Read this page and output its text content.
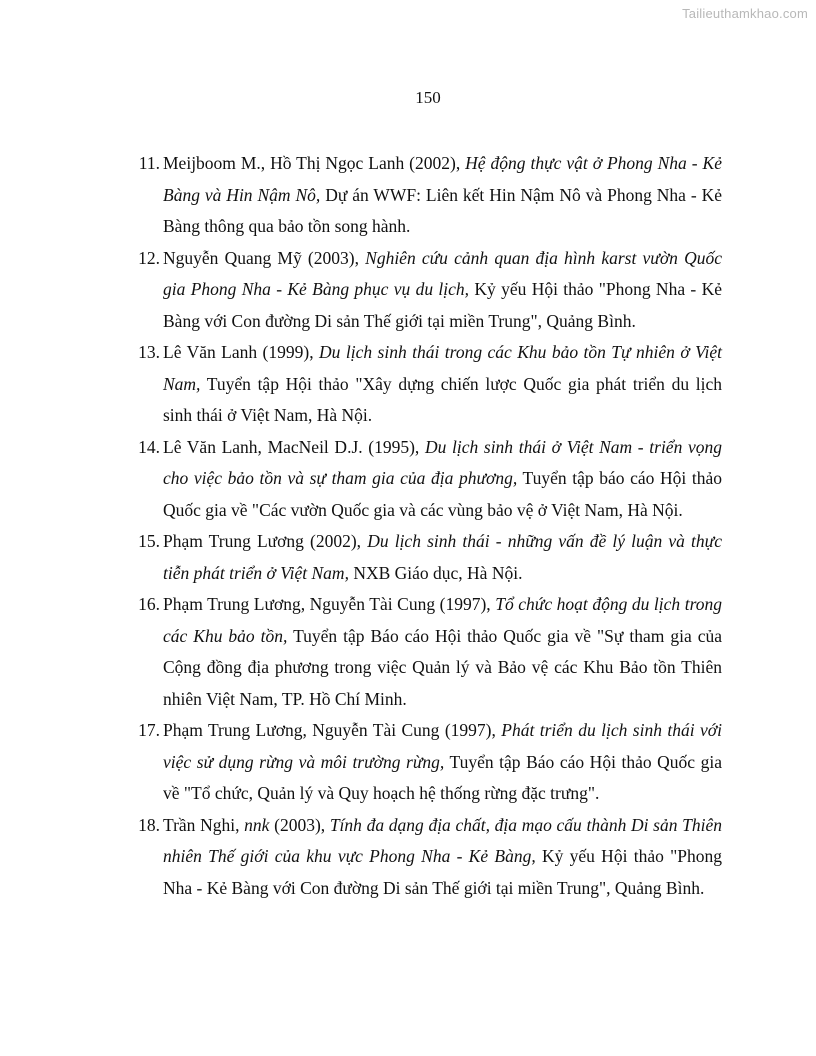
Tailieuthamkhao.com
150
11. Meijboom M., Hồ Thị Ngọc Lanh (2002), Hệ động thực vật ở Phong Nha - Kẻ Bàng và Hin Nậm Nô, Dự án WWF: Liên kết Hin Nậm Nô và Phong Nha - Kẻ Bàng thông qua bảo tồn song hành.
12. Nguyễn Quang Mỹ (2003), Nghiên cứu cảnh quan địa hình karst vườn Quốc gia Phong Nha - Kẻ Bàng phục vụ du lịch, Kỷ yếu Hội thảo "Phong Nha - Kẻ Bàng với Con đường Di sản Thế giới tại miền Trung", Quảng Bình.
13. Lê Văn Lanh (1999), Du lịch sinh thái trong các Khu bảo tồn Tự nhiên ở Việt Nam, Tuyển tập Hội thảo "Xây dựng chiến lược Quốc gia phát triển du lịch sinh thái ở Việt Nam, Hà Nội.
14. Lê Văn Lanh, MacNeil D.J. (1995), Du lịch sinh thái ở Việt Nam - triển vọng cho việc bảo tồn và sự tham gia của địa phương, Tuyển tập báo cáo Hội thảo Quốc gia về "Các vườn Quốc gia và các vùng bảo vệ ở Việt Nam, Hà Nội.
15. Phạm Trung Lương (2002), Du lịch sinh thái - những vấn đề lý luận và thực tiễn phát triển ở Việt Nam, NXB Giáo dục, Hà Nội.
16. Phạm Trung Lương, Nguyễn Tài Cung (1997), Tổ chức hoạt động du lịch trong các Khu bảo tồn, Tuyển tập Báo cáo Hội thảo Quốc gia về "Sự tham gia của Cộng đồng địa phương trong việc Quản lý và Bảo vệ các Khu Bảo tồn Thiên nhiên Việt Nam, TP. Hồ Chí Minh.
17. Phạm Trung Lương, Nguyễn Tài Cung (1997), Phát triển du lịch sinh thái với việc sử dụng rừng và môi trường rừng, Tuyển tập Báo cáo Hội thảo Quốc gia về "Tổ chức, Quản lý và Quy hoạch hệ thống rừng đặc trưng".
18. Trần Nghi, nnk (2003), Tính đa dạng địa chất, địa mạo cấu thành Di sản Thiên nhiên Thế giới của khu vực Phong Nha - Kẻ Bàng, Kỷ yếu Hội thảo "Phong Nha - Kẻ Bàng với Con đường Di sản Thế giới tại miền Trung", Quảng Bình.
